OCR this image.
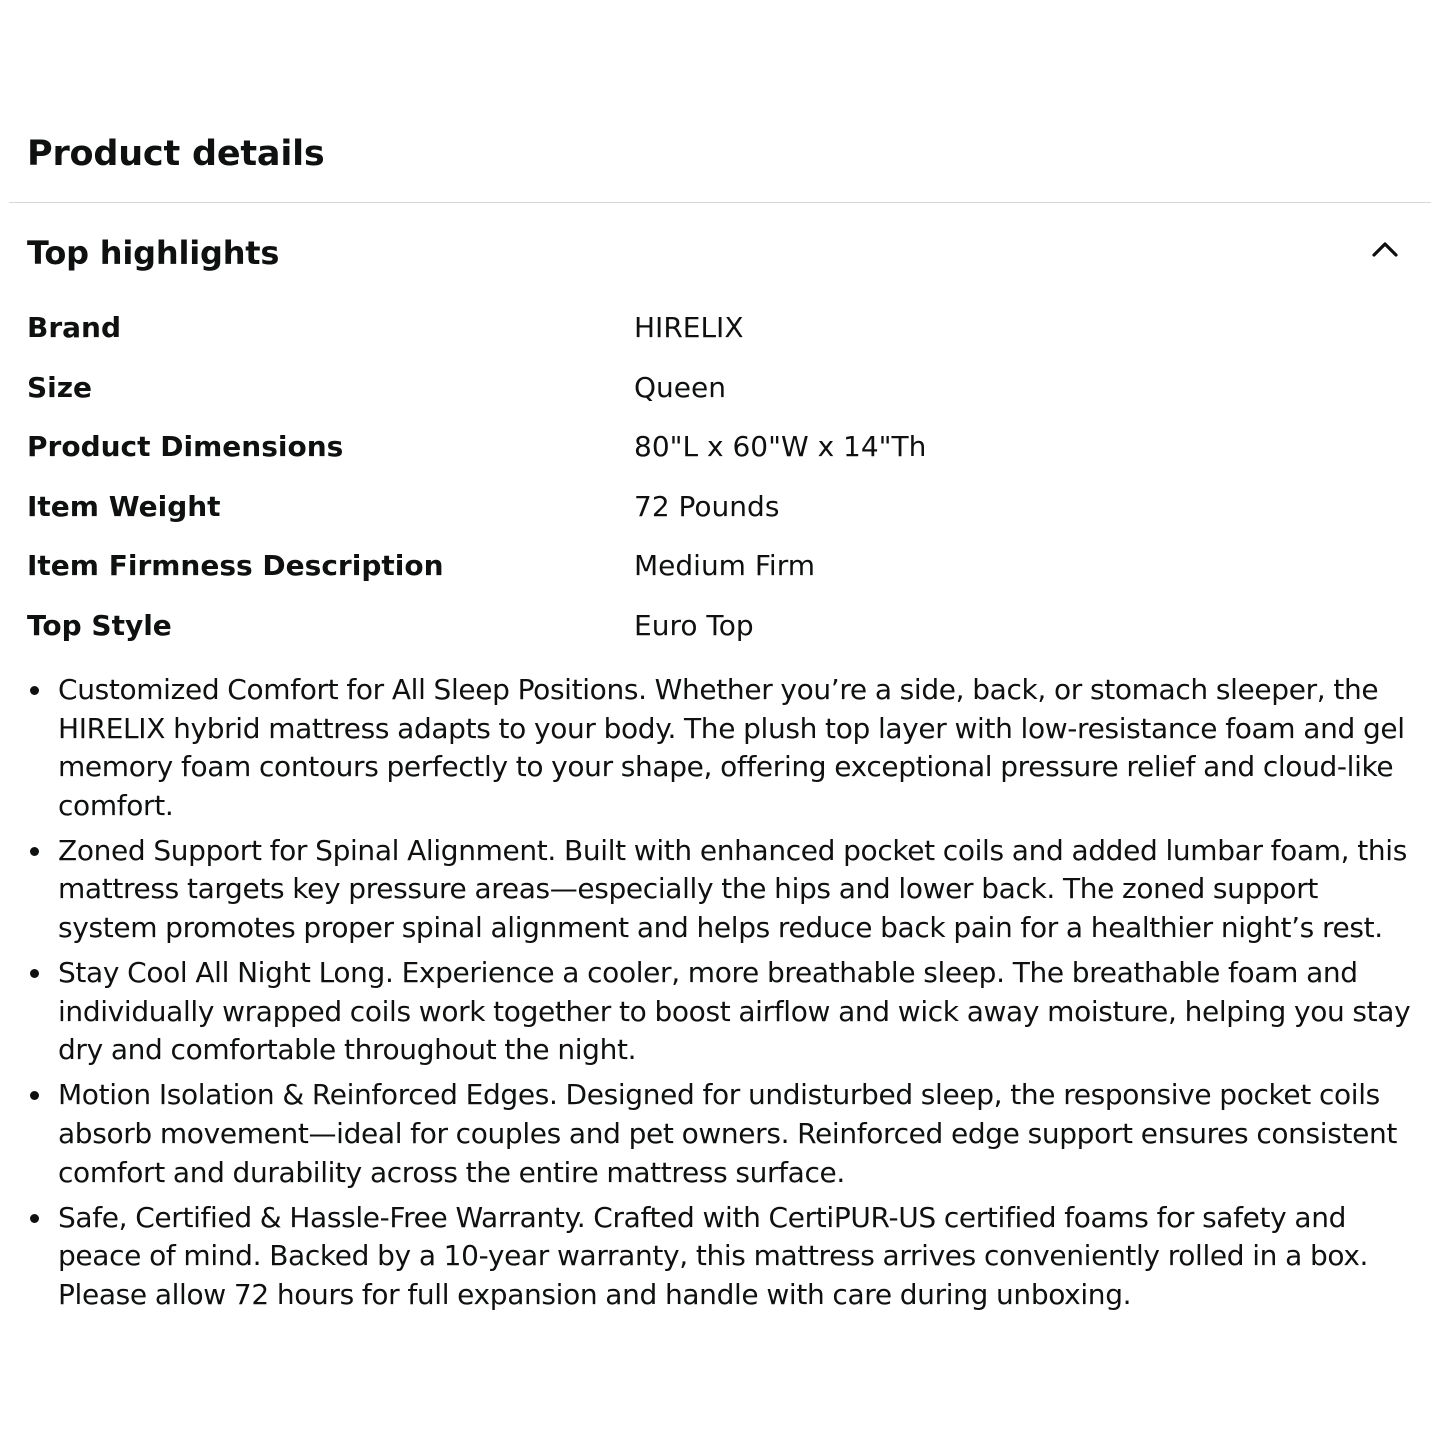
Product details
Top highlights
Brand	HIRELIX
Size	Queen
Product Dimensions	80"L x 60"W x 14"Th
Item Weight	72 Pounds
Item Firmness Description	Medium Firm
Top Style	Euro Top
Customized Comfort for All Sleep Positions. Whether you’re a side, back, or stomach sleeper, the HIRELIX hybrid mattress adapts to your body. The plush top layer with low-resistance foam and gel memory foam contours perfectly to your shape, offering exceptional pressure relief and cloud-like comfort.
Zoned Support for Spinal Alignment. Built with enhanced pocket coils and added lumbar foam, this mattress targets key pressure areas—especially the hips and lower back. The zoned support system promotes proper spinal alignment and helps reduce back pain for a healthier night’s rest.
Stay Cool All Night Long. Experience a cooler, more breathable sleep. The breathable foam and individually wrapped coils work together to boost airflow and wick away moisture, helping you stay dry and comfortable throughout the night.
Motion Isolation & Reinforced Edges. Designed for undisturbed sleep, the responsive pocket coils absorb movement—ideal for couples and pet owners. Reinforced edge support ensures consistent comfort and durability across the entire mattress surface.
Safe, Certified & Hassle-Free Warranty. Crafted with CertiPUR-US certified foams for safety and peace of mind. Backed by a 10-year warranty, this mattress arrives conveniently rolled in a box. Please allow 72 hours for full expansion and handle with care during unboxing.
